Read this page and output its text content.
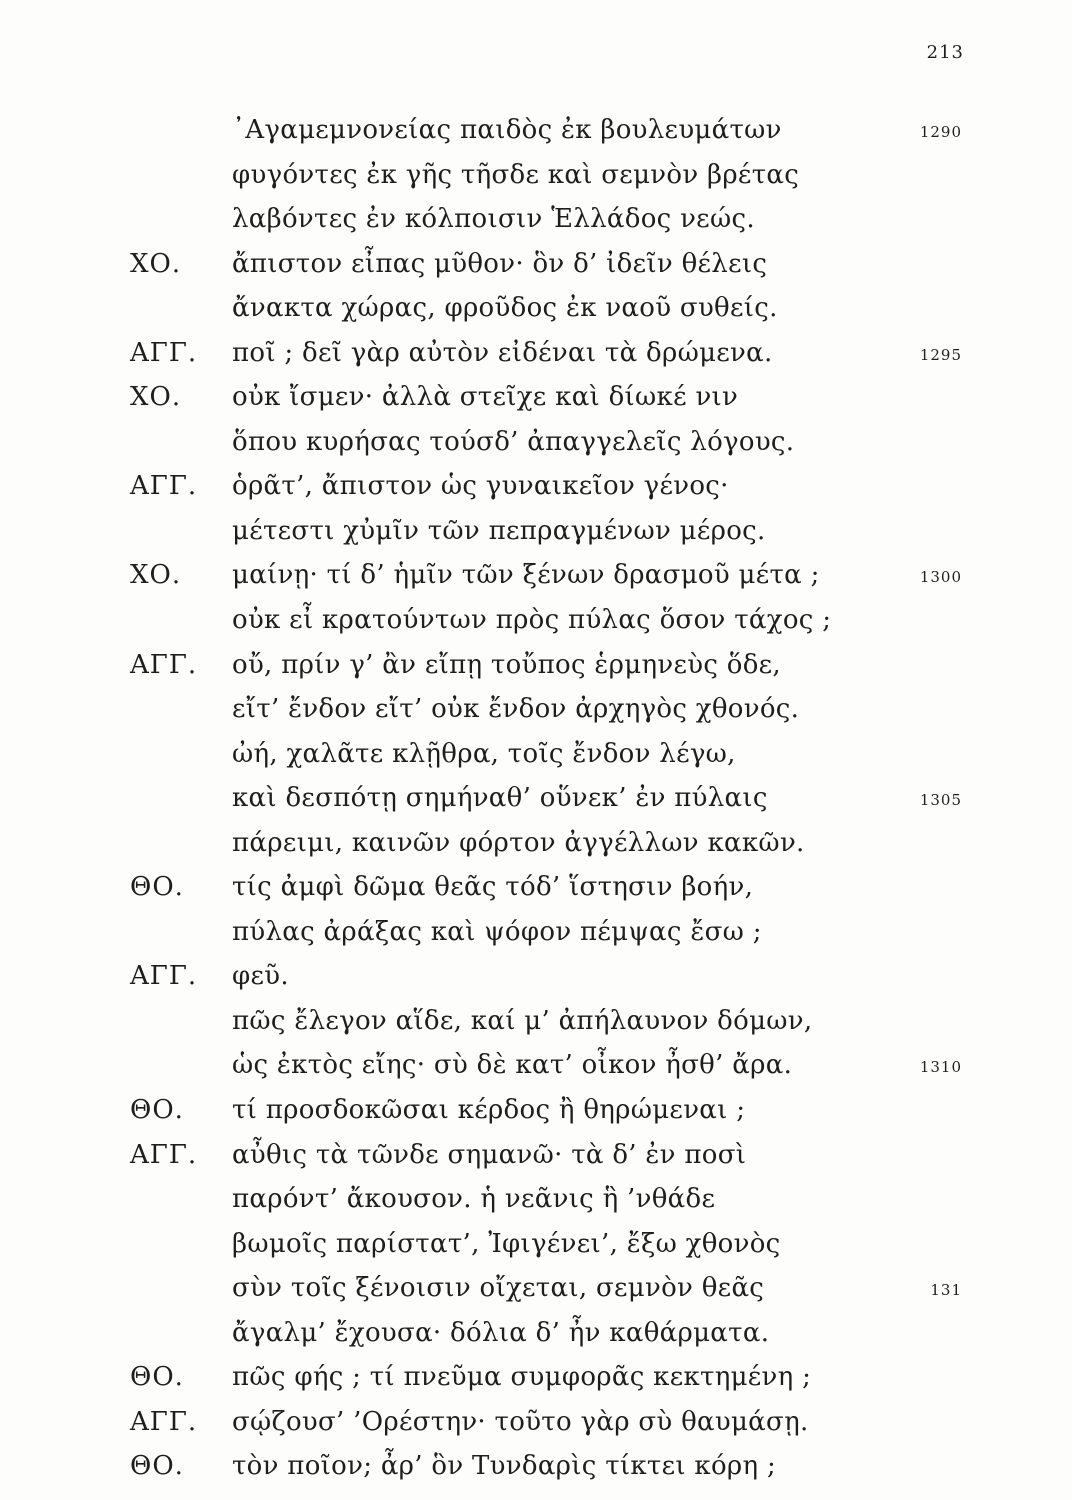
213
᾿Αγαμεμνονείας παιδὸς ἐκ βουλευμάτων	1290
φυγόντες ἐκ γῆς τῆσδε καὶ σεμνὸν βρέτας
λαβόντες ἐν κόλποισιν Ἑλλάδος νεώς.
ΧΟ. ἄπιστον εἶπας μῦθον· ὃν δ’ ἰδεῖν θέλεις
ἄνακτα χώρας, φροῦδος ἐκ ναοῦ συθείς.
ΑΓΓ. ποῖ ; δεῖ γὰρ αὐτὸν εἰδέναι τὰ δρώμενα.	1295
ΧΟ. οὐκ ἴσμεν· ἀλλὰ στεῖχε καὶ δίωκέ νιν
ὅπου κυρήσας τούσδ’ ἀπαγγελεῖς λόγους.
ΑΓΓ. ὁρᾶτ’, ἄπιστον ὡς γυναικεῖον γένος·
μέτεστι χὐμῖν τῶν πεπραγμένων μέρος.
ΧΟ. μαίνῃ· τί δ’ ἡμῖν τῶν ξένων δρασμοῦ μέτα ;	1300
οὐκ εἶ κρατούντων πρὸς πύλας ὅσον τάχος ;
ΑΓΓ. οὔ, πρίν γ’ ἂν εἴπῃ τοὔπος ἑρμηνεὺς ὅδε,
εἴτ’ ἔνδον εἴτ’ οὐκ ἔνδον ἀρχηγὸς χθονός.
ὠή, χαλᾶτε κλῇθρα, τοῖς ἔνδον λέγω,
καὶ δεσπότῃ σημήναθ’ οὕνεκ’ ἐν πύλαις	1305
πάρειμι, καινῶν φόρτον ἀγγέλλων κακῶν.
ΘΟ. τίς ἀμφὶ δῶμα θεᾶς τόδ’ ἵστησιν βοήν,
πύλας ἀράξας καὶ ψόφον πέμψας ἔσω ;
ΑΓΓ. φεῦ.
πῶς ἔλεγον αἵδε, καί μ’ ἀπήλαυνον δόμων,
ὡς ἐκτὸς εἴης· σὺ δὲ κατ’ οἶκον ἦσθ’ ἄρα.	1310
ΘΟ. τί προσδοκῶσαι κέρδος ἢ θηρώμεναι ;
ΑΓΓ. αὖθις τὰ τῶνδε σημανῶ· τὰ δ’ ἐν ποσὶ
παρόντ’ ἄκουσον. ἡ νεᾶνις ἣ ’νθάδε
βωμοῖς παρίστατ’, Ἰφιγένει’, ἔξω χθονὸς
σὺν τοῖς ξένοισιν οἴχεται, σεμνὸν θεᾶς	131
ἄγαλμ’ ἔχουσα· δόλια δ’ ἦν καθάρματα.
ΘΟ. πῶς φής ; τί πνεῦμα συμφορᾶς κεκτημένη ;
ΑΓΓ. σῴζουσ’ ’Ορέστην· τοῦτο γὰρ σὺ θαυμάσῃ.
ΘΟ. τὸν ποῖον; ἆρ’ ὃν Τυνδαρὶς τίκτει κόρη ;
